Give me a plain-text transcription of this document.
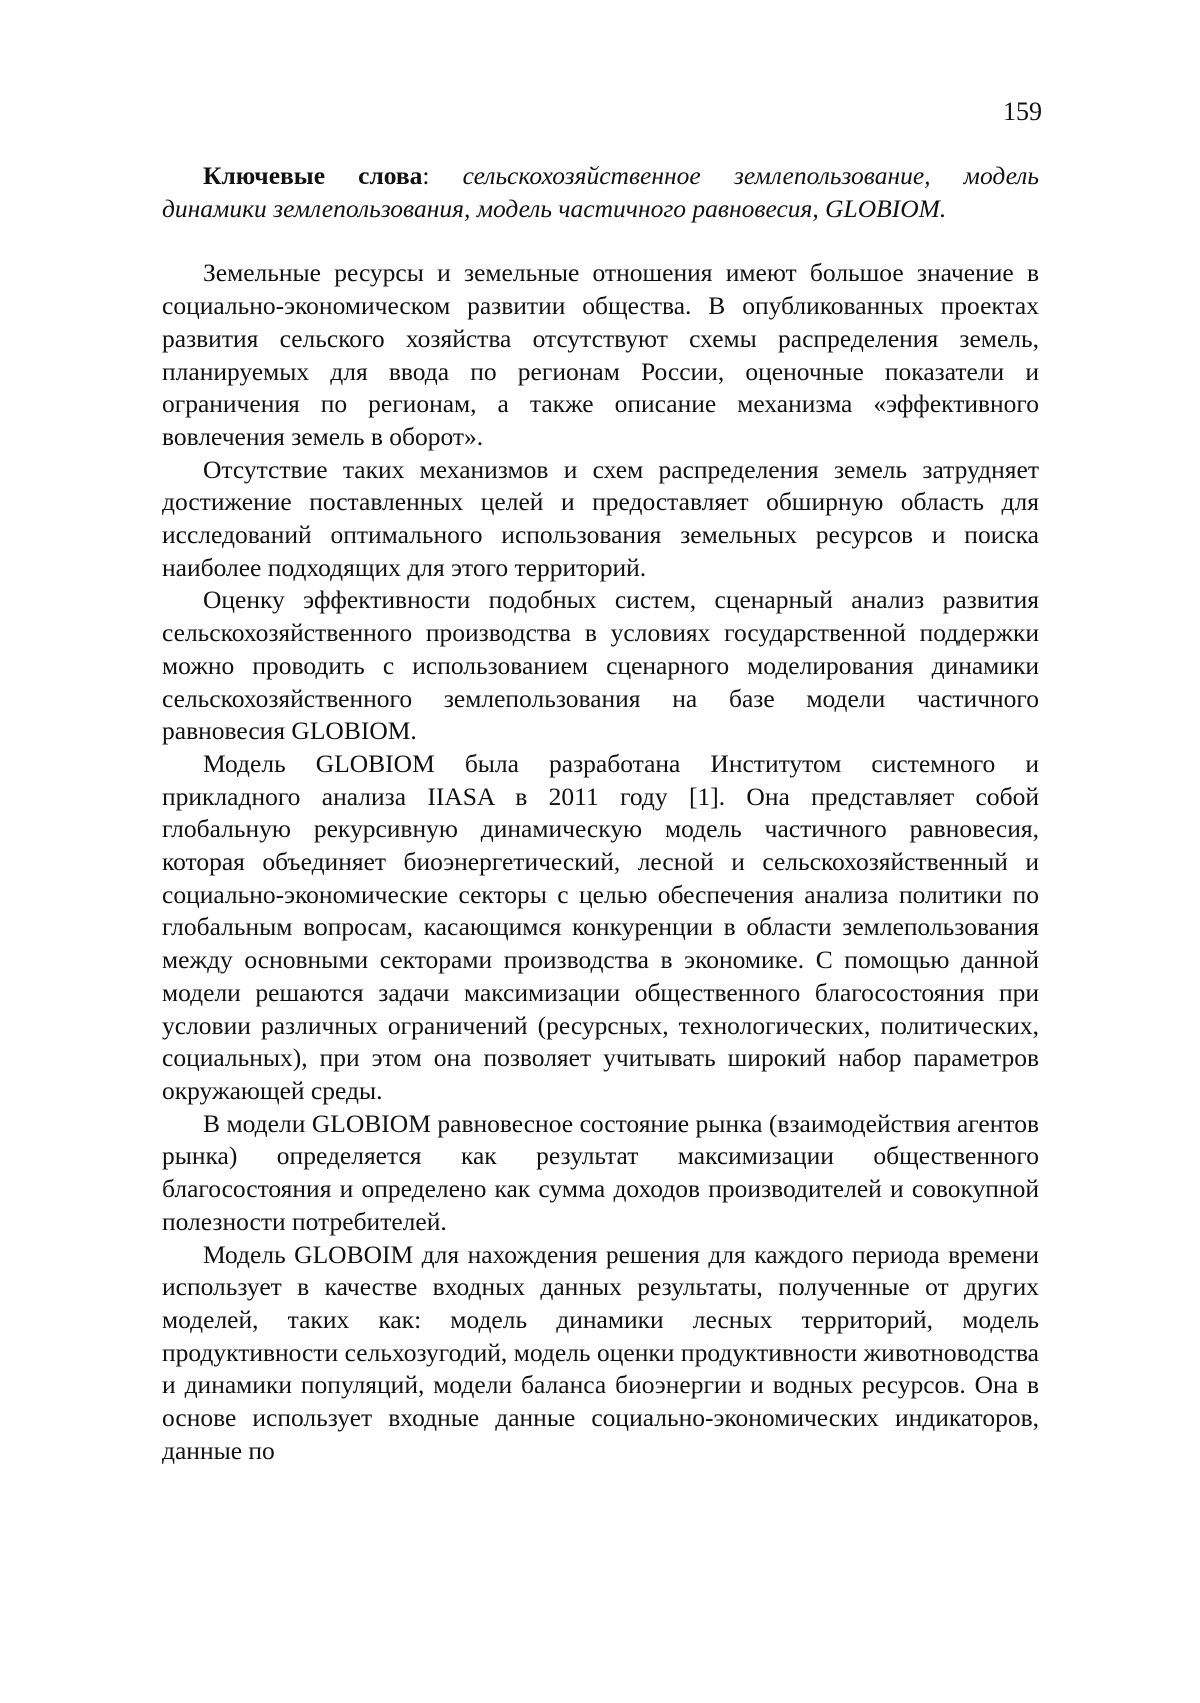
159

Ключевые слова: сельскохозяйственное землепользование, модель динамики землепользования, модель частичного равновесия, GLOBIOM.

Земельные ресурсы и земельные отношения имеют большое значение в социально-экономическом развитии общества. В опубликованных проектах развития сельского хозяйства отсутствуют схемы распределения земель, планируемых для ввода по регионам России, оценочные показатели и ограничения по регионам, а также описание механизма «эффективного вовлечения земель в оборот».

Отсутствие таких механизмов и схем распределения земель затрудняет достижение поставленных целей и предоставляет обширную область для исследований оптимального использования земельных ресурсов и поиска наиболее подходящих для этого территорий.

Оценку эффективности подобных систем, сценарный анализ развития сельскохозяйственного производства в условиях государственной поддержки можно проводить с использованием сценарного моделирования динамики сельскохозяйственного землепользования на базе модели частичного равновесия GLOBIOM.

Модель GLOBIOM была разработана Институтом системного и прикладного анализа IIASA в 2011 году [1]. Она представляет собой глобальную рекурсивную динамическую модель частичного равновесия, которая объединяет биоэнергетический, лесной и сельскохозяйственный и социально-экономические секторы с целью обеспечения анализа политики по глобальным вопросам, касающимся конкуренции в области землепользования между основными секторами производства в экономике. С помощью данной модели решаются задачи максимизации общественного благосостояния при условии различных ограничений (ресурсных, технологических, политических, социальных), при этом она позволяет учитывать широкий набор параметров окружающей среды.

В модели GLOBIOM равновесное состояние рынка (взаимодействия агентов рынка) определяется как результат максимизации общественного благосостояния и определено как сумма доходов производителей и совокупной полезности потребителей.

Модель GLOBOIM для нахождения решения для каждого периода времени использует в качестве входных данных результаты, полученные от других моделей, таких как: модель динамики лесных территорий, модель продуктивности сельхозугодий, модель оценки продуктивности животноводства и динамики популяций, модели баланса биоэнергии и водных ресурсов. Она в основе использует входные данные социально-экономических индикаторов, данные по
